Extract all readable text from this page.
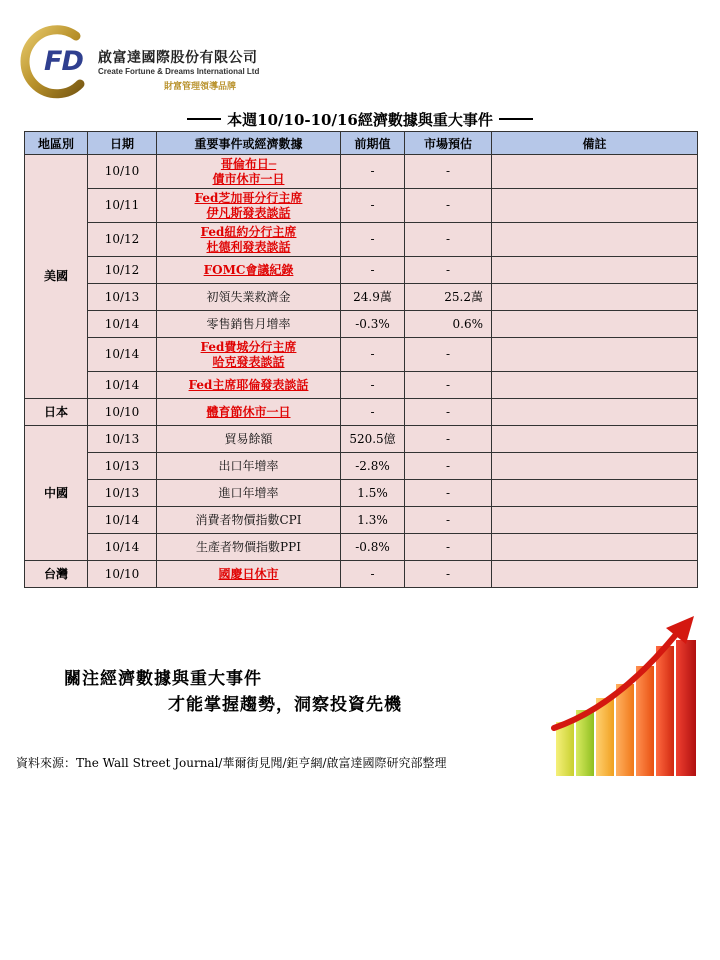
FD 啟富達國際股份有限公司
Create Fortune & Dreams International Ltd
財富管理領導品牌
本週10/10-10/16經濟數據與重大事件
地區別	日期	重要事件或經濟數據	前期值	市場預估	備註
美國	10/10	哥倫布日─
債市休市一日	-	-	
	10/11	Fed芝加哥分行主席
伊凡斯發表談話	-	-	
	10/12	Fed紐約分行主席
杜德利發表談話	-	-	
	10/12	FOMC會議紀錄	-	-	
	10/13	初領失業救濟金	24.9萬	25.2萬	
	10/14	零售銷售月增率	-0.3%	0.6%	
	10/14	Fed費城分行主席
哈克發表談話	-	-	
	10/14	Fed主席耶倫發表談話	-	-	
日本	10/10	體育節休市一日	-	-	
中國	10/13	貿易餘額	520.5億	-	
	10/13	出口年增率	-2.8%	-	
	10/13	進口年增率	1.5%	-	
	10/14	消費者物價指數CPI	1.3%	-	
	10/14	生產者物價指數PPI	-0.8%	-	
台灣	10/10	國慶日休市	-	-	
關注經濟數據與重大事件
才能掌握趨勢，洞察投資先機
資料來源：The Wall Street Journal/華爾街見聞/鉅亨網/啟富達國際研究部整理
